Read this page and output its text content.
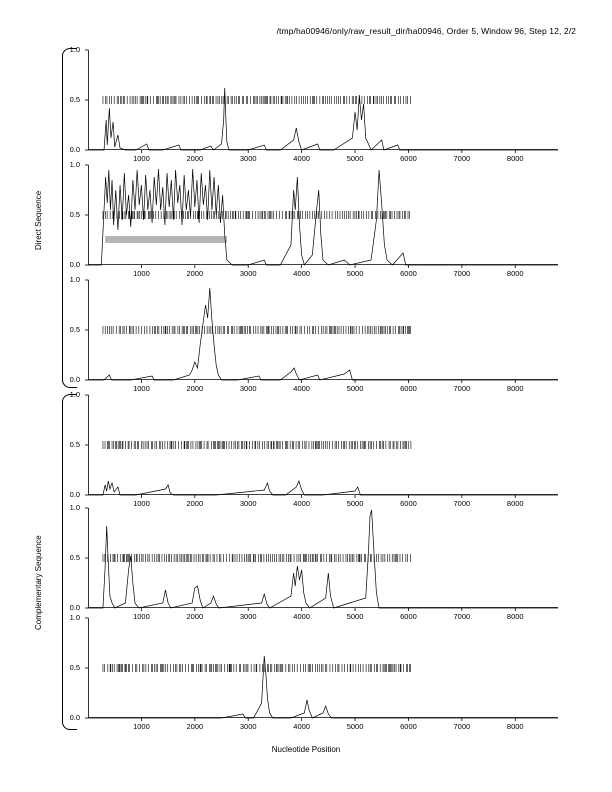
/tmp/ha00946/only/raw_result_dir/ha00946, Order 5, Window 96, Step 12, 2/2
Direct Sequence
Complementary Sequence
Nucleotide Position
0.0
0.5
1.0
1000	2000	3000	4000	5000	6000	7000	8000
0.0
0.5
1.0
1000	2000	3000	4000	5000	6000	7000	8000
0.0
0.5
1.0
1000	2000	3000	4000	5000	6000	7000	8000
0.0
0.5
1.0
1000	2000	3000	4000	5000	6000	7000	8000
0.0
0.5
1.0
1000	2000	3000	4000	5000	6000	7000	8000
0.0
0.5
1.0
1000	2000	3000	4000	5000	6000	7000	8000
